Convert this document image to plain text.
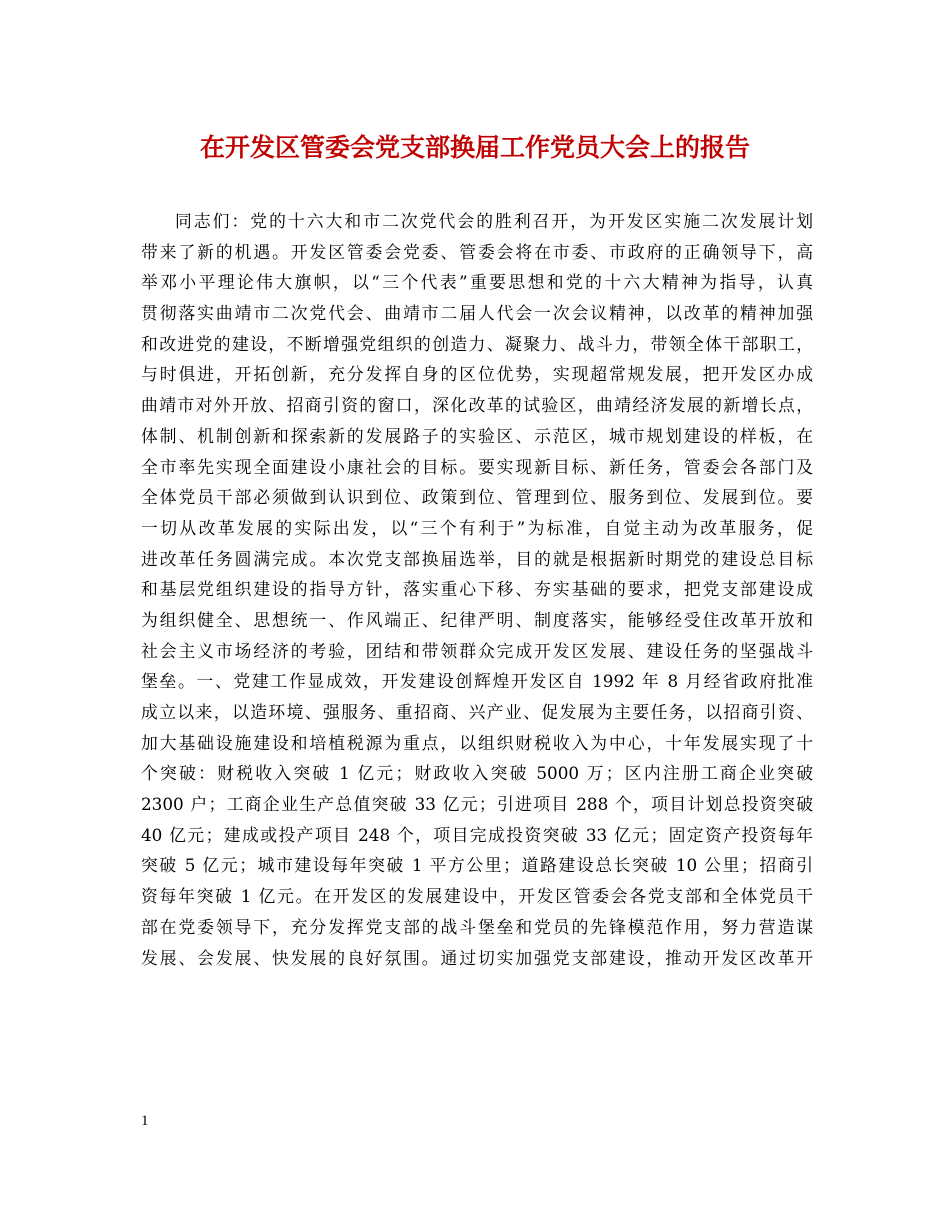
在开发区管委会党支部换届工作党员大会上的报告
同志们：党的十六大和市二次党代会的胜利召开，为开发区实施二次发展计划
带来了新的机遇。开发区管委会党委、管委会将在市委、市政府的正确领导下，高
举邓小平理论伟大旗帜，以“三个代表”重要思想和党的十六大精神为指导，认真
贯彻落实曲靖市二次党代会、曲靖市二届人代会一次会议精神，以改革的精神加强
和改进党的建设，不断增强党组织的创造力、凝聚力、战斗力，带领全体干部职工，
与时俱进，开拓创新，充分发挥自身的区位优势，实现超常规发展，把开发区办成
曲靖市对外开放、招商引资的窗口，深化改革的试验区，曲靖经济发展的新增长点，
体制、机制创新和探索新的发展路子的实验区、示范区，城市规划建设的样板，在
全市率先实现全面建设小康社会的目标。要实现新目标、新任务，管委会各部门及
全体党员干部必须做到认识到位、政策到位、管理到位、服务到位、发展到位。要
一切从改革发展的实际出发，以“三个有利于”为标准，自觉主动为改革服务，促
进改革任务圆满完成。本次党支部换届选举，目的就是根据新时期党的建设总目标
和基层党组织建设的指导方针，落实重心下移、夯实基础的要求，把党支部建设成
为组织健全、思想统一、作风端正、纪律严明、制度落实，能够经受住改革开放和
社会主义市场经济的考验，团结和带领群众完成开发区发展、建设任务的坚强战斗
堡垒。一、党建工作显成效，开发建设创辉煌开发区自 1992 年 8 月经省政府批准
成立以来，以造环境、强服务、重招商、兴产业、促发展为主要任务，以招商引资、
加大基础设施建设和培植税源为重点，以组织财税收入为中心，十年发展实现了十
个突破：财税收入突破 1 亿元；财政收入突破 5000 万；区内注册工商企业突破
2300 户；工商企业生产总值突破 33 亿元；引进项目 288 个，项目计划总投资突破
40 亿元；建成或投产项目 248 个，项目完成投资突破 33 亿元；固定资产投资每年
突破 5 亿元；城市建设每年突破 1 平方公里；道路建设总长突破 10 公里；招商引
资每年突破 1 亿元。在开发区的发展建设中，开发区管委会各党支部和全体党员干
部在党委领导下，充分发挥党支部的战斗堡垒和党员的先锋模范作用，努力营造谋
发展、会发展、快发展的良好氛围。通过切实加强党支部建设，推动开发区改革开
1
